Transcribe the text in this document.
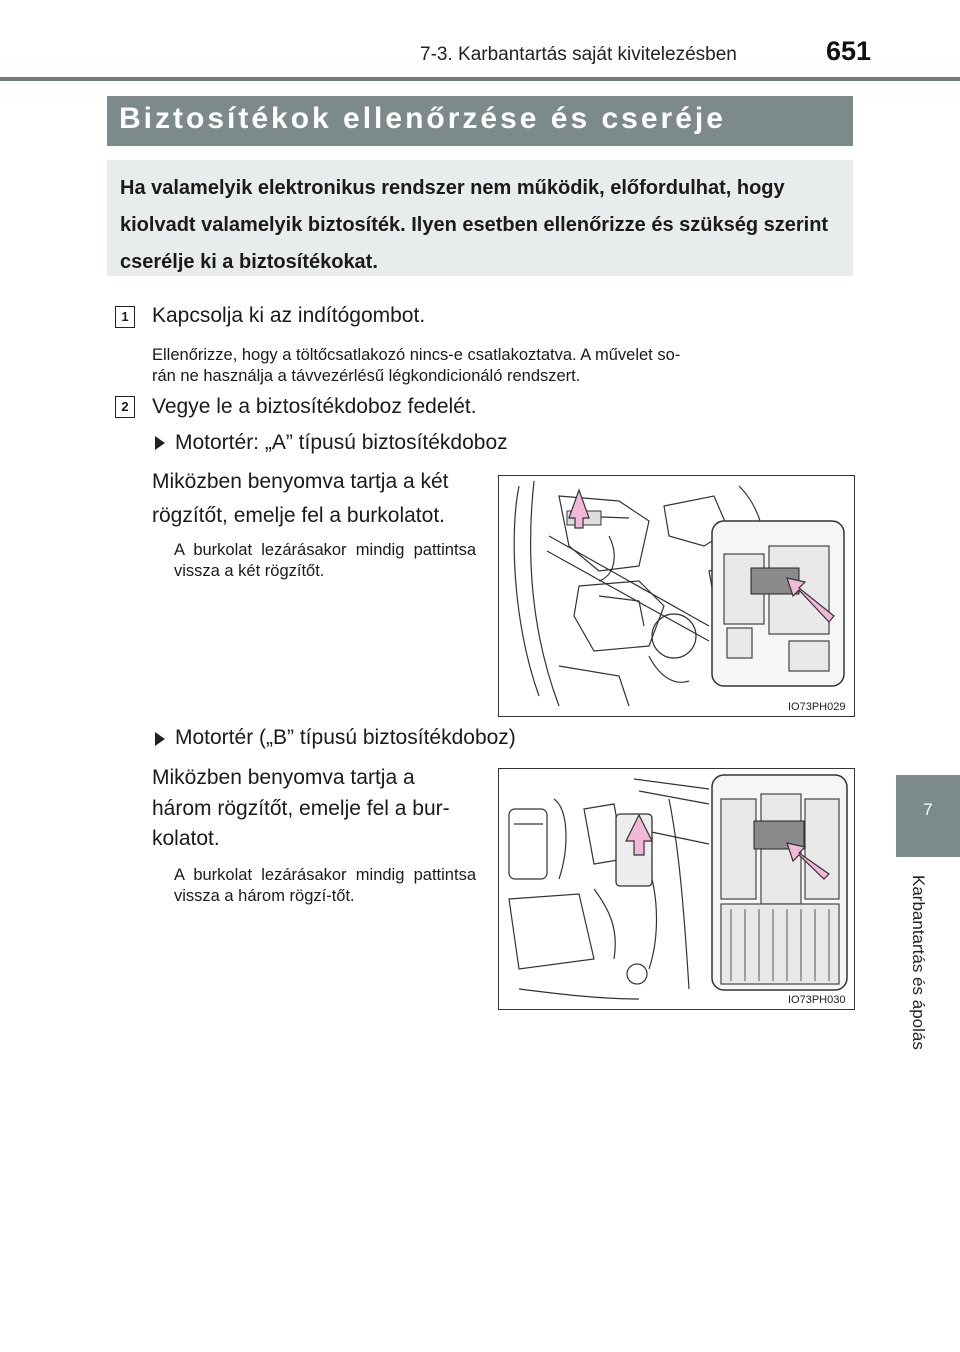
7-3. Karbantartás saját kivitelezésben	651
Biztosítékok ellenőrzése és cseréje
Ha valamelyik elektronikus rendszer nem működik, előfordulhat, hogy kiolvadt valamelyik biztosíték. Ilyen esetben ellenőrizze és szükség szerint cserélje ki a biztosítékokat.
7
Karbantartás és ápolás
1	Kapcsolja ki az indítógombot.
Ellenőrizze, hogy a töltőcsatlakozó nincs-e csatlakoztatva. A művelet so-
rán ne használja a távvezérlésű légkondicionáló rendszert.
2	Vegye le a biztosítékdoboz fedelét.
Motortér: „A” típusú biztosítékdoboz
Miközben benyomva tartja a két
rögzítőt, emelje fel a burkolatot.
A burkolat lezárásakor mindig pattintsa vissza a két rögzítőt.
IO73PH029
Motortér („B” típusú biztosítékdoboz)
Miközben benyomva tartja a
három rögzítőt, emelje fel a bur-
kolatot.
A burkolat lezárásakor mindig pattintsa vissza a három rögzí-tőt.
IO73PH030
